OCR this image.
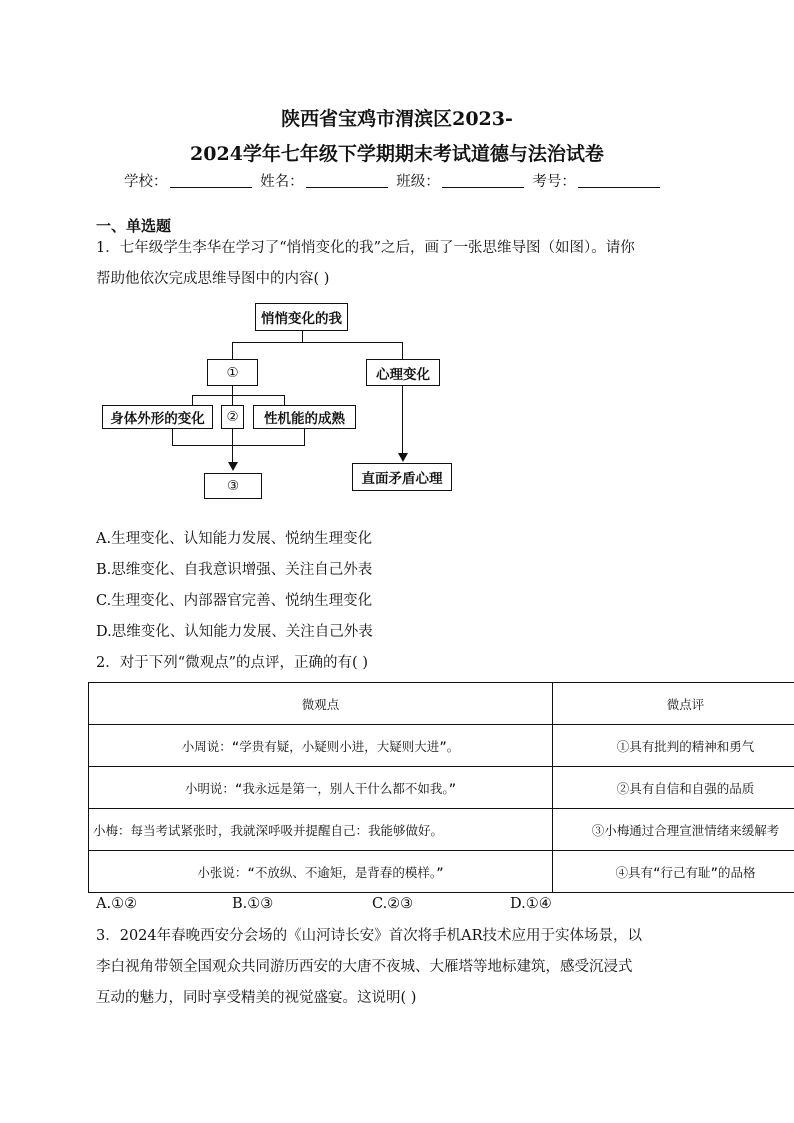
陕西省宝鸡市渭滨区2023-
2024学年七年级下学期期末考试道德与法治试卷
学校：	姓名：	班级：	考号：
一、单选题
1．七年级学生李华在学习了“悄悄变化的我”之后，画了一张思维导图（如图）。请你
帮助他依次完成思维导图中的内容( )
悄悄变化的我
①	心理变化
身体外形的变化	②	性机能的成熟
③	直面矛盾心理
A.生理变化、认知能力发展、悦纳生理变化
B.思维变化、自我意识增强、关注自己外表
C.生理变化、内部器官完善、悦纳生理变化
D.思维变化、认知能力发展、关注自己外表
2．对于下列“微观点”的点评，正确的有( )
微观点	微点评
小周说：“学贵有疑，小疑则小进，大疑则大进”。	①具有批判的精神和勇气
小明说：“我永远是第一，别人干什么都不如我。”	②具有自信和自强的品质
小梅：每当考试紧张时，我就深呼吸并提醒自己：我能够做好。	③小梅通过合理宣泄情绪来缓解考
小张说：“不放纵、不逾矩，是背春的模样。”	④具有“行己有耻”的品格
A.①②	B.①③	C.②③	D.①④
3．2024年春晚西安分会场的《山河诗长安》首次将手机AR技术应用于实体场景，以
李白视角带领全国观众共同游历西安的大唐不夜城、大雁塔等地标建筑，感受沉浸式
互动的魅力，同时享受精美的视觉盛宴。这说明( )
